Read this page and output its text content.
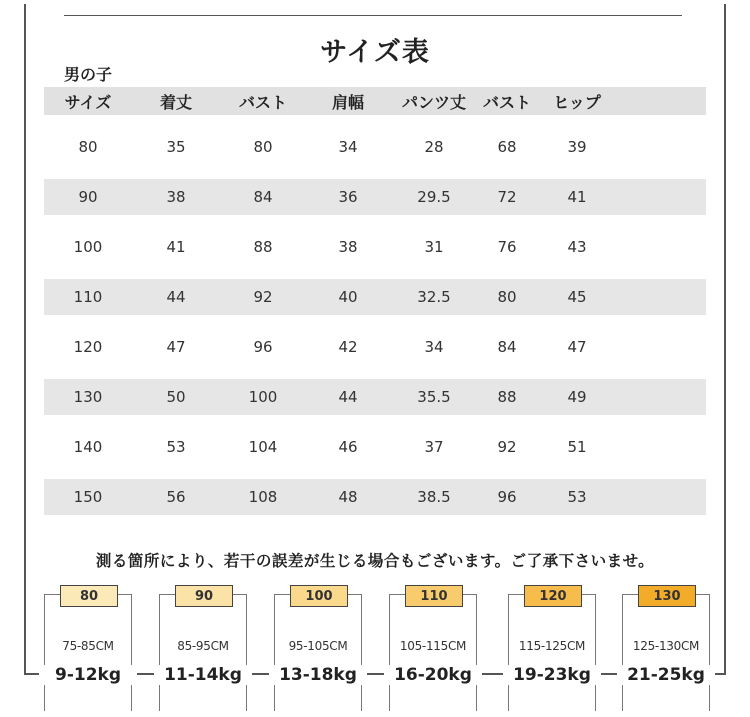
サイズ表
男の子
サイズ	着丈	バスト	肩幅	パンツ丈	バスト	ヒップ
80	35	80	34	28	68	39
90	38	84	36	29.5	72	41
100	41	88	38	31	76	43
110	44	92	40	32.5	80	45
120	47	96	42	34	84	47
130	50	100	44	35.5	88	49
140	53	104	46	37	92	51
150	56	108	48	38.5	96	53
測る箇所により、若干の誤差が生じる場合もございます。ご了承下さいませ。
80
75-85CM
9-12kg
90
85-95CM
11-14kg
100
95-105CM
13-18kg
110
105-115CM
16-20kg
120
115-125CM
19-23kg
130
125-130CM
21-25kg
